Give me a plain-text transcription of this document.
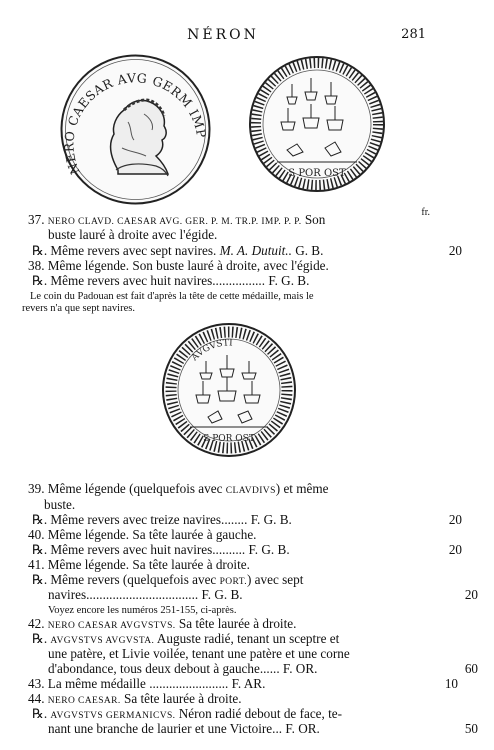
NÉRON	281
NERO CAESAR AVG GERM IMP
S POR OST
fr.
AVGVSTI
S POR OST
37. NERO CLAVD. CAESAR AVG. GER. P. M. TR.P. IMP. P. P. Son
buste lauré à droite avec l'égide.
℞. Même revers avec sept navires. M. A. Dutuit.. G. B.	20
38. Même légende. Son buste lauré à droite, avec l'égide.
℞. Même revers avec huit navires................ F. G. B.
Le coin du Padouan est fait d'après la tête de cette médaille, mais le
revers n'a que sept navires.
39. Même légende (quelquefois avec CLAVDIVS) et même
buste.
℞. Même revers avec treize navires........ F. G. B.	20
40. Même légende. Sa tête laurée à gauche.
℞. Même revers avec huit navires.......... F. G. B.	20
41. Même légende. Sa tête laurée à droite.
℞. Même revers (quelquefois avec PORT.) avec sept
navires.................................. F. G. B.	20
Voyez encore les numéros 251-155, ci-après.
42. NERO CAESAR AVGVSTVS. Sa tête laurée à droite.
℞. AVGVSTVS AVGVSTA. Auguste radié, tenant un sceptre et
une patère, et Livie voilée, tenant une patère et une corne
d'abondance, tous deux debout à gauche...... F. OR.	60
43. La même médaille ........................ F. AR.	10
44. NERO CAESAR. Sa tête laurée à droite.
℞. AVGVSTVS GERMANICVS. Néron radié debout de face, te-
nant une branche de laurier et une Victoire... F. OR.	50
